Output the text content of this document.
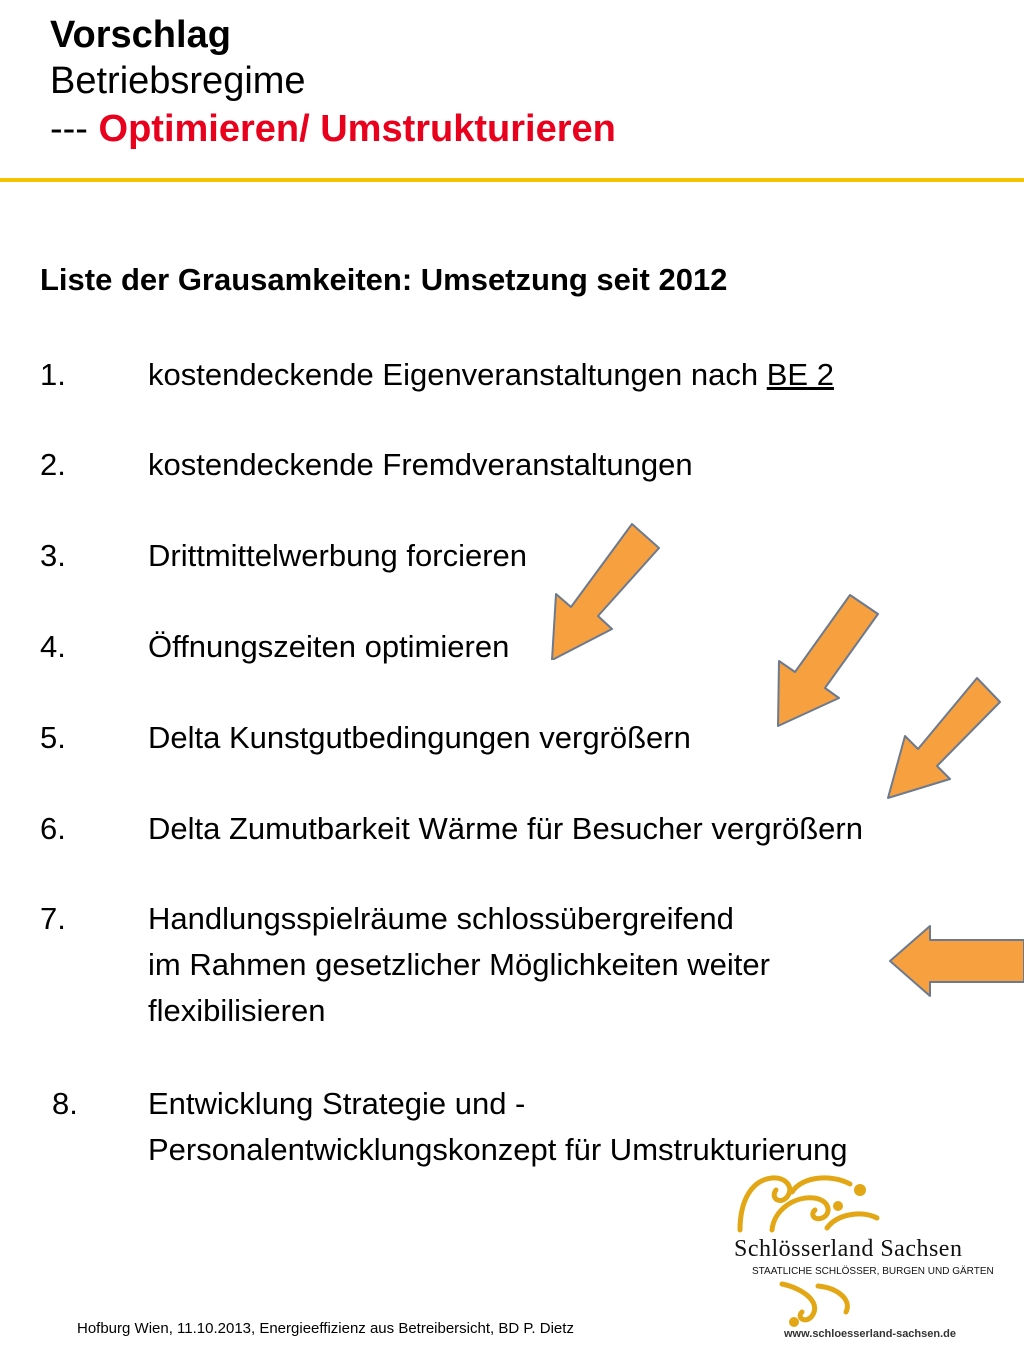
Vorschlag
Betriebsregime
--- Optimieren/ Umstrukturieren
Liste der Grausamkeiten: Umsetzung seit 2012
1.	kostendeckende Eigenveranstaltungen nach BE 2
2.	kostendeckende Fremdveranstaltungen
3.	Drittmittelwerbung forcieren
4.	Öffnungszeiten optimieren
5.	Delta Kunstgutbedingungen vergrößern
6.	Delta Zumutbarkeit Wärme für Besucher vergrößern
7.	Handlungsspielräume schlossübergreifend
im Rahmen gesetzlicher Möglichkeiten weiter
flexibilisieren
8. Entwicklung Strategie und -
Personalentwicklungskonzept für Umstrukturierung
Schlösserland Sachsen
STAATLICHE SCHLÖSSER, BURGEN UND GÄRTEN
www.schloesserland-sachsen.de
Hofburg Wien, 11.10.2013, Energieeffizienz aus Betreibersicht, BD P. Dietz
